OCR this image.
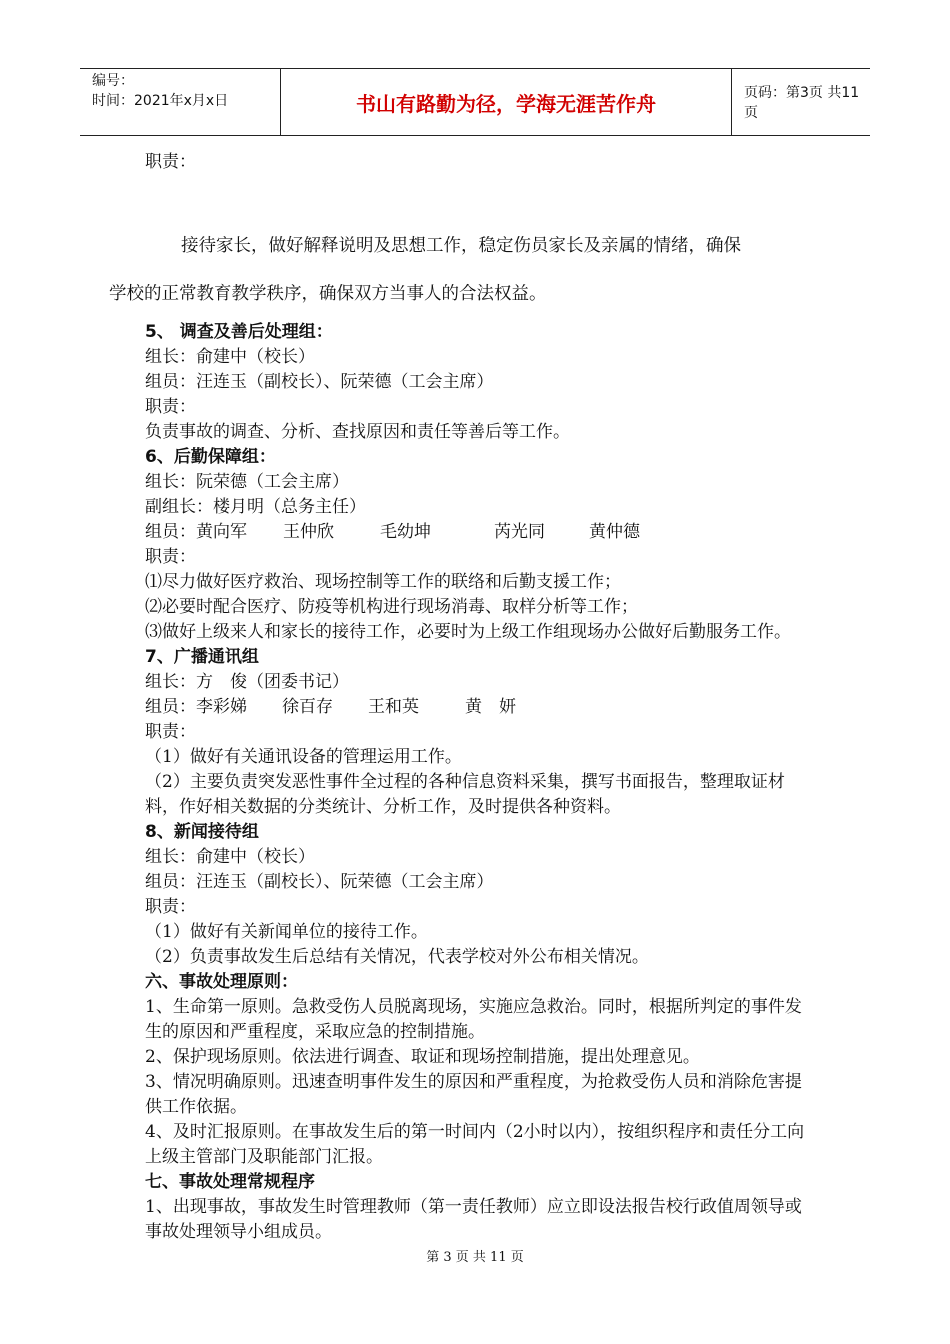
编号：
时间：2021年x月x日	书山有路勤为径，学海无涯苦作舟	页码：第3页 共11页

职责：

接待家长，做好解释说明及思想工作，稳定伤员家长及亲属的情绪，确保
学校的正常教育教学秩序，确保双方当事人的合法权益。

5、 调查及善后处理组：

组长：俞建中（校长）

组员：汪连玉（副校长）、阮荣德（工会主席）

职责：

负责事故的调查、分析、查找原因和责任等善后等工作。

6、后勤保障组：

组长：阮荣德（工会主席）

副组长：楼月明（总务主任）

组员：黄向军 王仲欣	毛幼坤	芮光同	黄仲德

职责：

⑴尽力做好医疗救治、现场控制等工作的联络和后勤支援工作；

⑵必要时配合医疗、防疫等机构进行现场消毒、取样分析等工作；

⑶做好上级来人和家长的接待工作，必要时为上级工作组现场办公做好后勤服务工作。

7、广播通讯组

组长：方　俊（团委书记）

组员：李彩娣 徐百存 王和英	黄　妍

职责：

（1）做好有关通讯设备的管理运用工作。

（2）主要负责突发恶性事件全过程的各种信息资料采集，撰写书面报告，整理取证材料，作好相关数据的分类统计、分析工作，及时提供各种资料。

8、新闻接待组

组长：俞建中（校长）

组员：汪连玉（副校长）、阮荣德（工会主席）

职责：

（1）做好有关新闻单位的接待工作。

（2）负责事故发生后总结有关情况，代表学校对外公布相关情况。

六、事故处理原则：

1、生命第一原则。急救受伤人员脱离现场，实施应急救治。同时，根据所判定的事件发生的原因和严重程度，采取应急的控制措施。

2、保护现场原则。依法进行调查、取证和现场控制措施，提出处理意见。

3、情况明确原则。迅速查明事件发生的原因和严重程度，为抢救受伤人员和消除危害提供工作依据。

4、及时汇报原则。在事故发生后的第一时间内（2小时以内），按组织程序和责任分工向上级主管部门及职能部门汇报。

七、事故处理常规程序

1、出现事故，事故发生时管理教师（第一责任教师）应立即设法报告校行政值周领导或事故处理领导小组成员。

第 3 页 共 11 页
